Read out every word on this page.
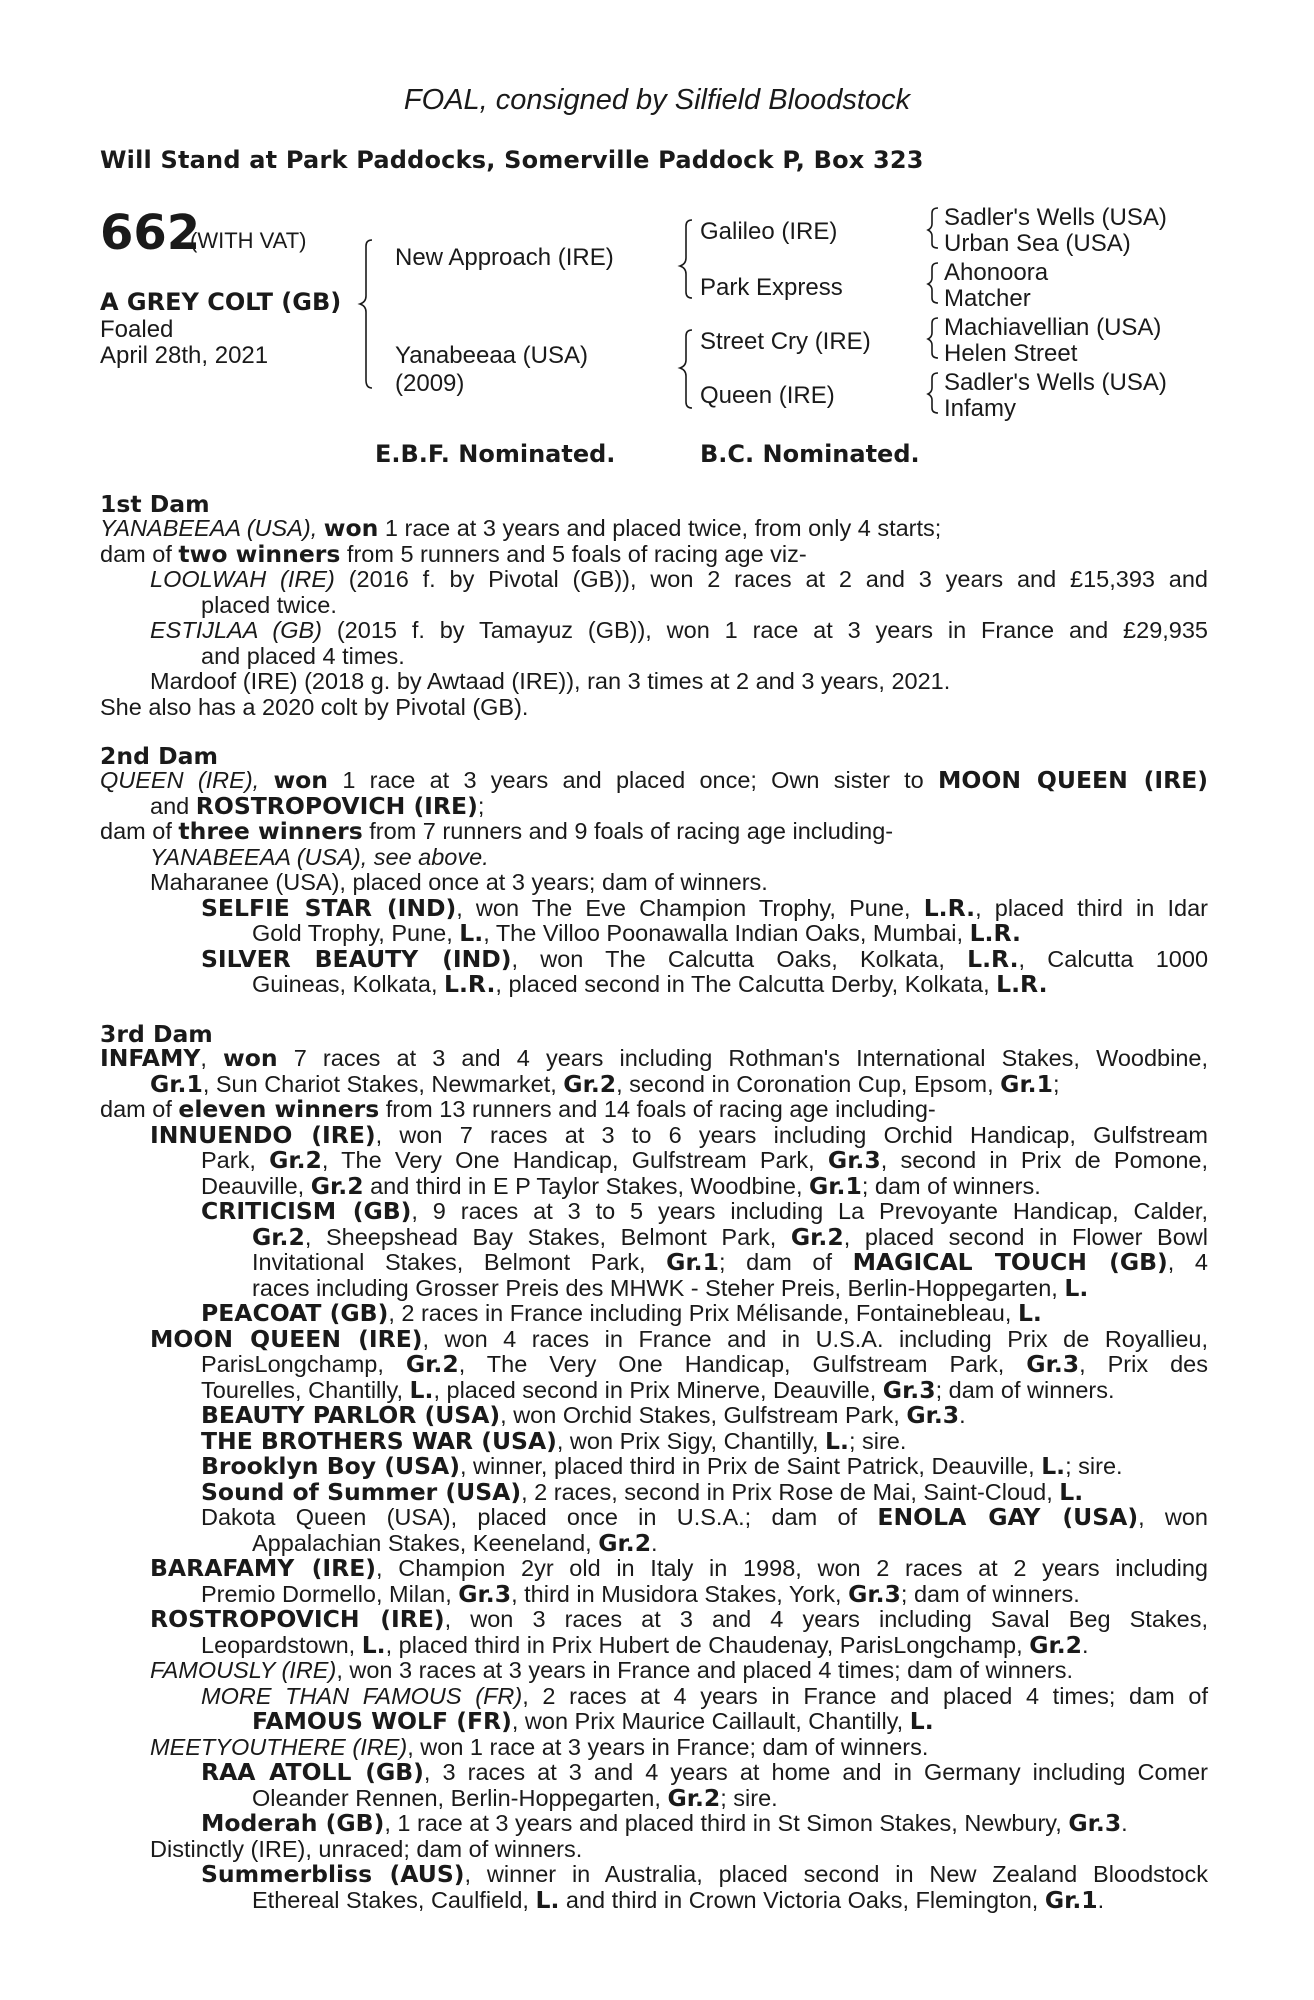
FOAL, consigned by Silfield Bloodstock
Will Stand at Park Paddocks, Somerville Paddock P, Box 323
662
(WITH VAT)
A GREY COLT (GB)
Foaled
April 28th, 2021
New Approach (IRE)
Yanabeeaa (USA)
(2009)
Galileo (IRE)
Park Express
Street Cry (IRE)
Queen (IRE)
Sadler's Wells (USA)
Urban Sea (USA)
Ahonoora
Matcher
Machiavellian (USA)
Helen Street
Sadler's Wells (USA)
Infamy
E.B.F. Nominated.	B.C. Nominated.
1st Dam
YANABEEAA (USA), won 1 race at 3 years and placed twice, from only 4 starts;
dam of two winners from 5 runners and 5 foals of racing age viz-
LOOLWAH (IRE) (2016 f. by Pivotal (GB)), won 2 races at 2 and 3 years and £15,393 and
placed twice.
ESTIJLAA (GB) (2015 f. by Tamayuz (GB)), won 1 race at 3 years in France and £29,935
and placed 4 times.
Mardoof (IRE) (2018 g. by Awtaad (IRE)), ran 3 times at 2 and 3 years, 2021.
She also has a 2020 colt by Pivotal (GB).
2nd Dam
QUEEN (IRE), won 1 race at 3 years and placed once; Own sister to MOON QUEEN (IRE)
and ROSTROPOVICH (IRE);
dam of three winners from 7 runners and 9 foals of racing age including-
YANABEEAA (USA), see above.
Maharanee (USA), placed once at 3 years; dam of winners.
SELFIE STAR (IND), won The Eve Champion Trophy, Pune, L.R., placed third in Idar
Gold Trophy, Pune, L., The Villoo Poonawalla Indian Oaks, Mumbai, L.R.
SILVER BEAUTY (IND), won The Calcutta Oaks, Kolkata, L.R., Calcutta 1000
Guineas, Kolkata, L.R., placed second in The Calcutta Derby, Kolkata, L.R.
3rd Dam
INFAMY, won 7 races at 3 and 4 years including Rothman's International Stakes, Woodbine,
Gr.1, Sun Chariot Stakes, Newmarket, Gr.2, second in Coronation Cup, Epsom, Gr.1;
dam of eleven winners from 13 runners and 14 foals of racing age including-
INNUENDO (IRE), won 7 races at 3 to 6 years including Orchid Handicap, Gulfstream
Park, Gr.2, The Very One Handicap, Gulfstream Park, Gr.3, second in Prix de Pomone,
Deauville, Gr.2 and third in E P Taylor Stakes, Woodbine, Gr.1; dam of winners.
CRITICISM (GB), 9 races at 3 to 5 years including La Prevoyante Handicap, Calder,
Gr.2, Sheepshead Bay Stakes, Belmont Park, Gr.2, placed second in Flower Bowl
Invitational Stakes, Belmont Park, Gr.1; dam of MAGICAL TOUCH (GB), 4
races including Grosser Preis des MHWK - Steher Preis, Berlin-Hoppegarten, L.
PEACOAT (GB), 2 races in France including Prix Mélisande, Fontainebleau, L.
MOON QUEEN (IRE), won 4 races in France and in U.S.A. including Prix de Royallieu,
ParisLongchamp, Gr.2, The Very One Handicap, Gulfstream Park, Gr.3, Prix des
Tourelles, Chantilly, L., placed second in Prix Minerve, Deauville, Gr.3; dam of winners.
BEAUTY PARLOR (USA), won Orchid Stakes, Gulfstream Park, Gr.3.
THE BROTHERS WAR (USA), won Prix Sigy, Chantilly, L.; sire.
Brooklyn Boy (USA), winner, placed third in Prix de Saint Patrick, Deauville, L.; sire.
Sound of Summer (USA), 2 races, second in Prix Rose de Mai, Saint-Cloud, L.
Dakota Queen (USA), placed once in U.S.A.; dam of ENOLA GAY (USA), won
Appalachian Stakes, Keeneland, Gr.2.
BARAFAMY (IRE), Champion 2yr old in Italy in 1998, won 2 races at 2 years including
Premio Dormello, Milan, Gr.3, third in Musidora Stakes, York, Gr.3; dam of winners.
ROSTROPOVICH (IRE), won 3 races at 3 and 4 years including Saval Beg Stakes,
Leopardstown, L., placed third in Prix Hubert de Chaudenay, ParisLongchamp, Gr.2.
FAMOUSLY (IRE), won 3 races at 3 years in France and placed 4 times; dam of winners.
MORE THAN FAMOUS (FR), 2 races at 4 years in France and placed 4 times; dam of
FAMOUS WOLF (FR), won Prix Maurice Caillault, Chantilly, L.
MEETYOUTHERE (IRE), won 1 race at 3 years in France; dam of winners.
RAA ATOLL (GB), 3 races at 3 and 4 years at home and in Germany including Comer
Oleander Rennen, Berlin-Hoppegarten, Gr.2; sire.
Moderah (GB), 1 race at 3 years and placed third in St Simon Stakes, Newbury, Gr.3.
Distinctly (IRE), unraced; dam of winners.
Summerbliss (AUS), winner in Australia, placed second in New Zealand Bloodstock
Ethereal Stakes, Caulfield, L. and third in Crown Victoria Oaks, Flemington, Gr.1.
